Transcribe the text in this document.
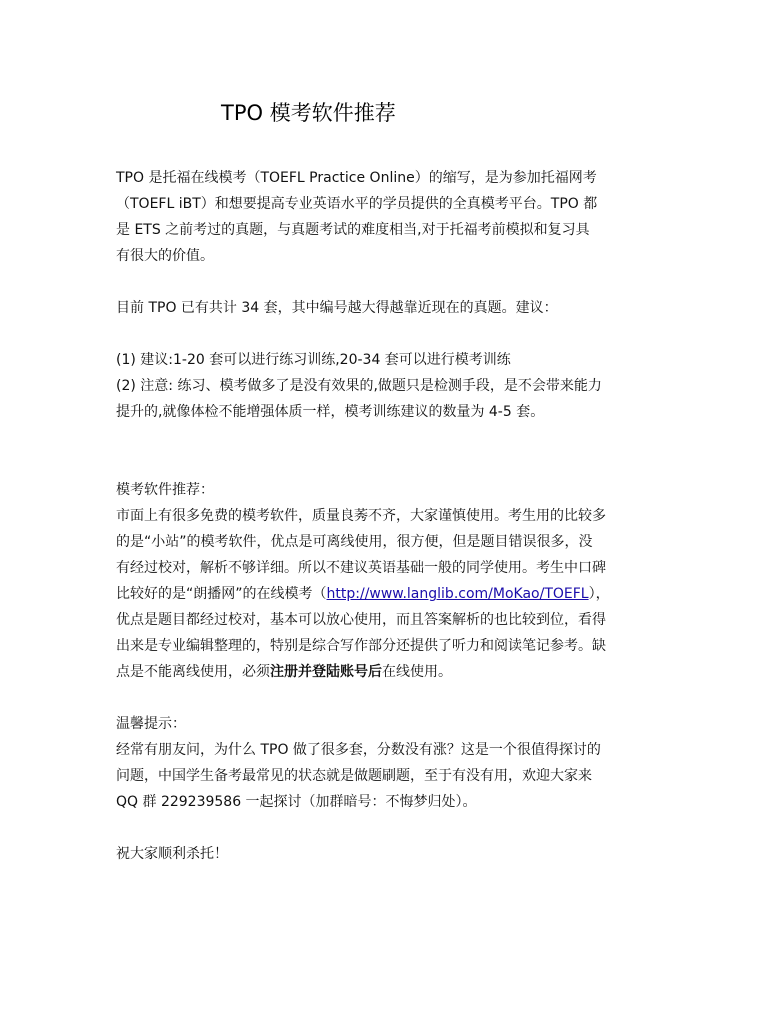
TPO 模考软件推荐

TPO 是托福在线模考（TOEFL Practice Online）的缩写，是为参加托福网考

（TOEFL iBT）和想要提高专业英语水平的学员提供的全真模考平台。TPO 都

是 ETS 之前考过的真题，与真题考试的难度相当,对于托福考前模拟和复习具

有很大的价值。

目前 TPO 已有共计 34 套，其中编号越大得越靠近现在的真题。建议：

(1) 建议:1-20 套可以进行练习训练,20-34 套可以进行模考训练

(2) 注意: 练习、模考做多了是没有效果的,做题只是检测手段，是不会带来能力

提升的,就像体检不能增强体质一样，模考训练建议的数量为 4-5 套。

模考软件推荐：

市面上有很多免费的模考软件，质量良莠不齐，大家谨慎使用。考生用的比较多

的是“小站”的模考软件，优点是可离线使用，很方便，但是题目错误很多，没

有经过校对，解析不够详细。所以不建议英语基础一般的同学使用。考生中口碑

比较好的是“朗播网”的在线模考（http://www.langlib.com/MoKao/TOEFL），

优点是题目都经过校对，基本可以放心使用，而且答案解析的也比较到位，看得

出来是专业编辑整理的，特别是综合写作部分还提供了听力和阅读笔记参考。缺

点是不能离线使用，必须注册并登陆账号后在线使用。

温馨提示：

经常有朋友问，为什么 TPO 做了很多套，分数没有涨？这是一个很值得探讨的

问题，中国学生备考最常见的状态就是做题刷题，至于有没有用，欢迎大家来

QQ 群 229239586 一起探讨（加群暗号：不悔梦归处）。

祝大家顺利杀托！
